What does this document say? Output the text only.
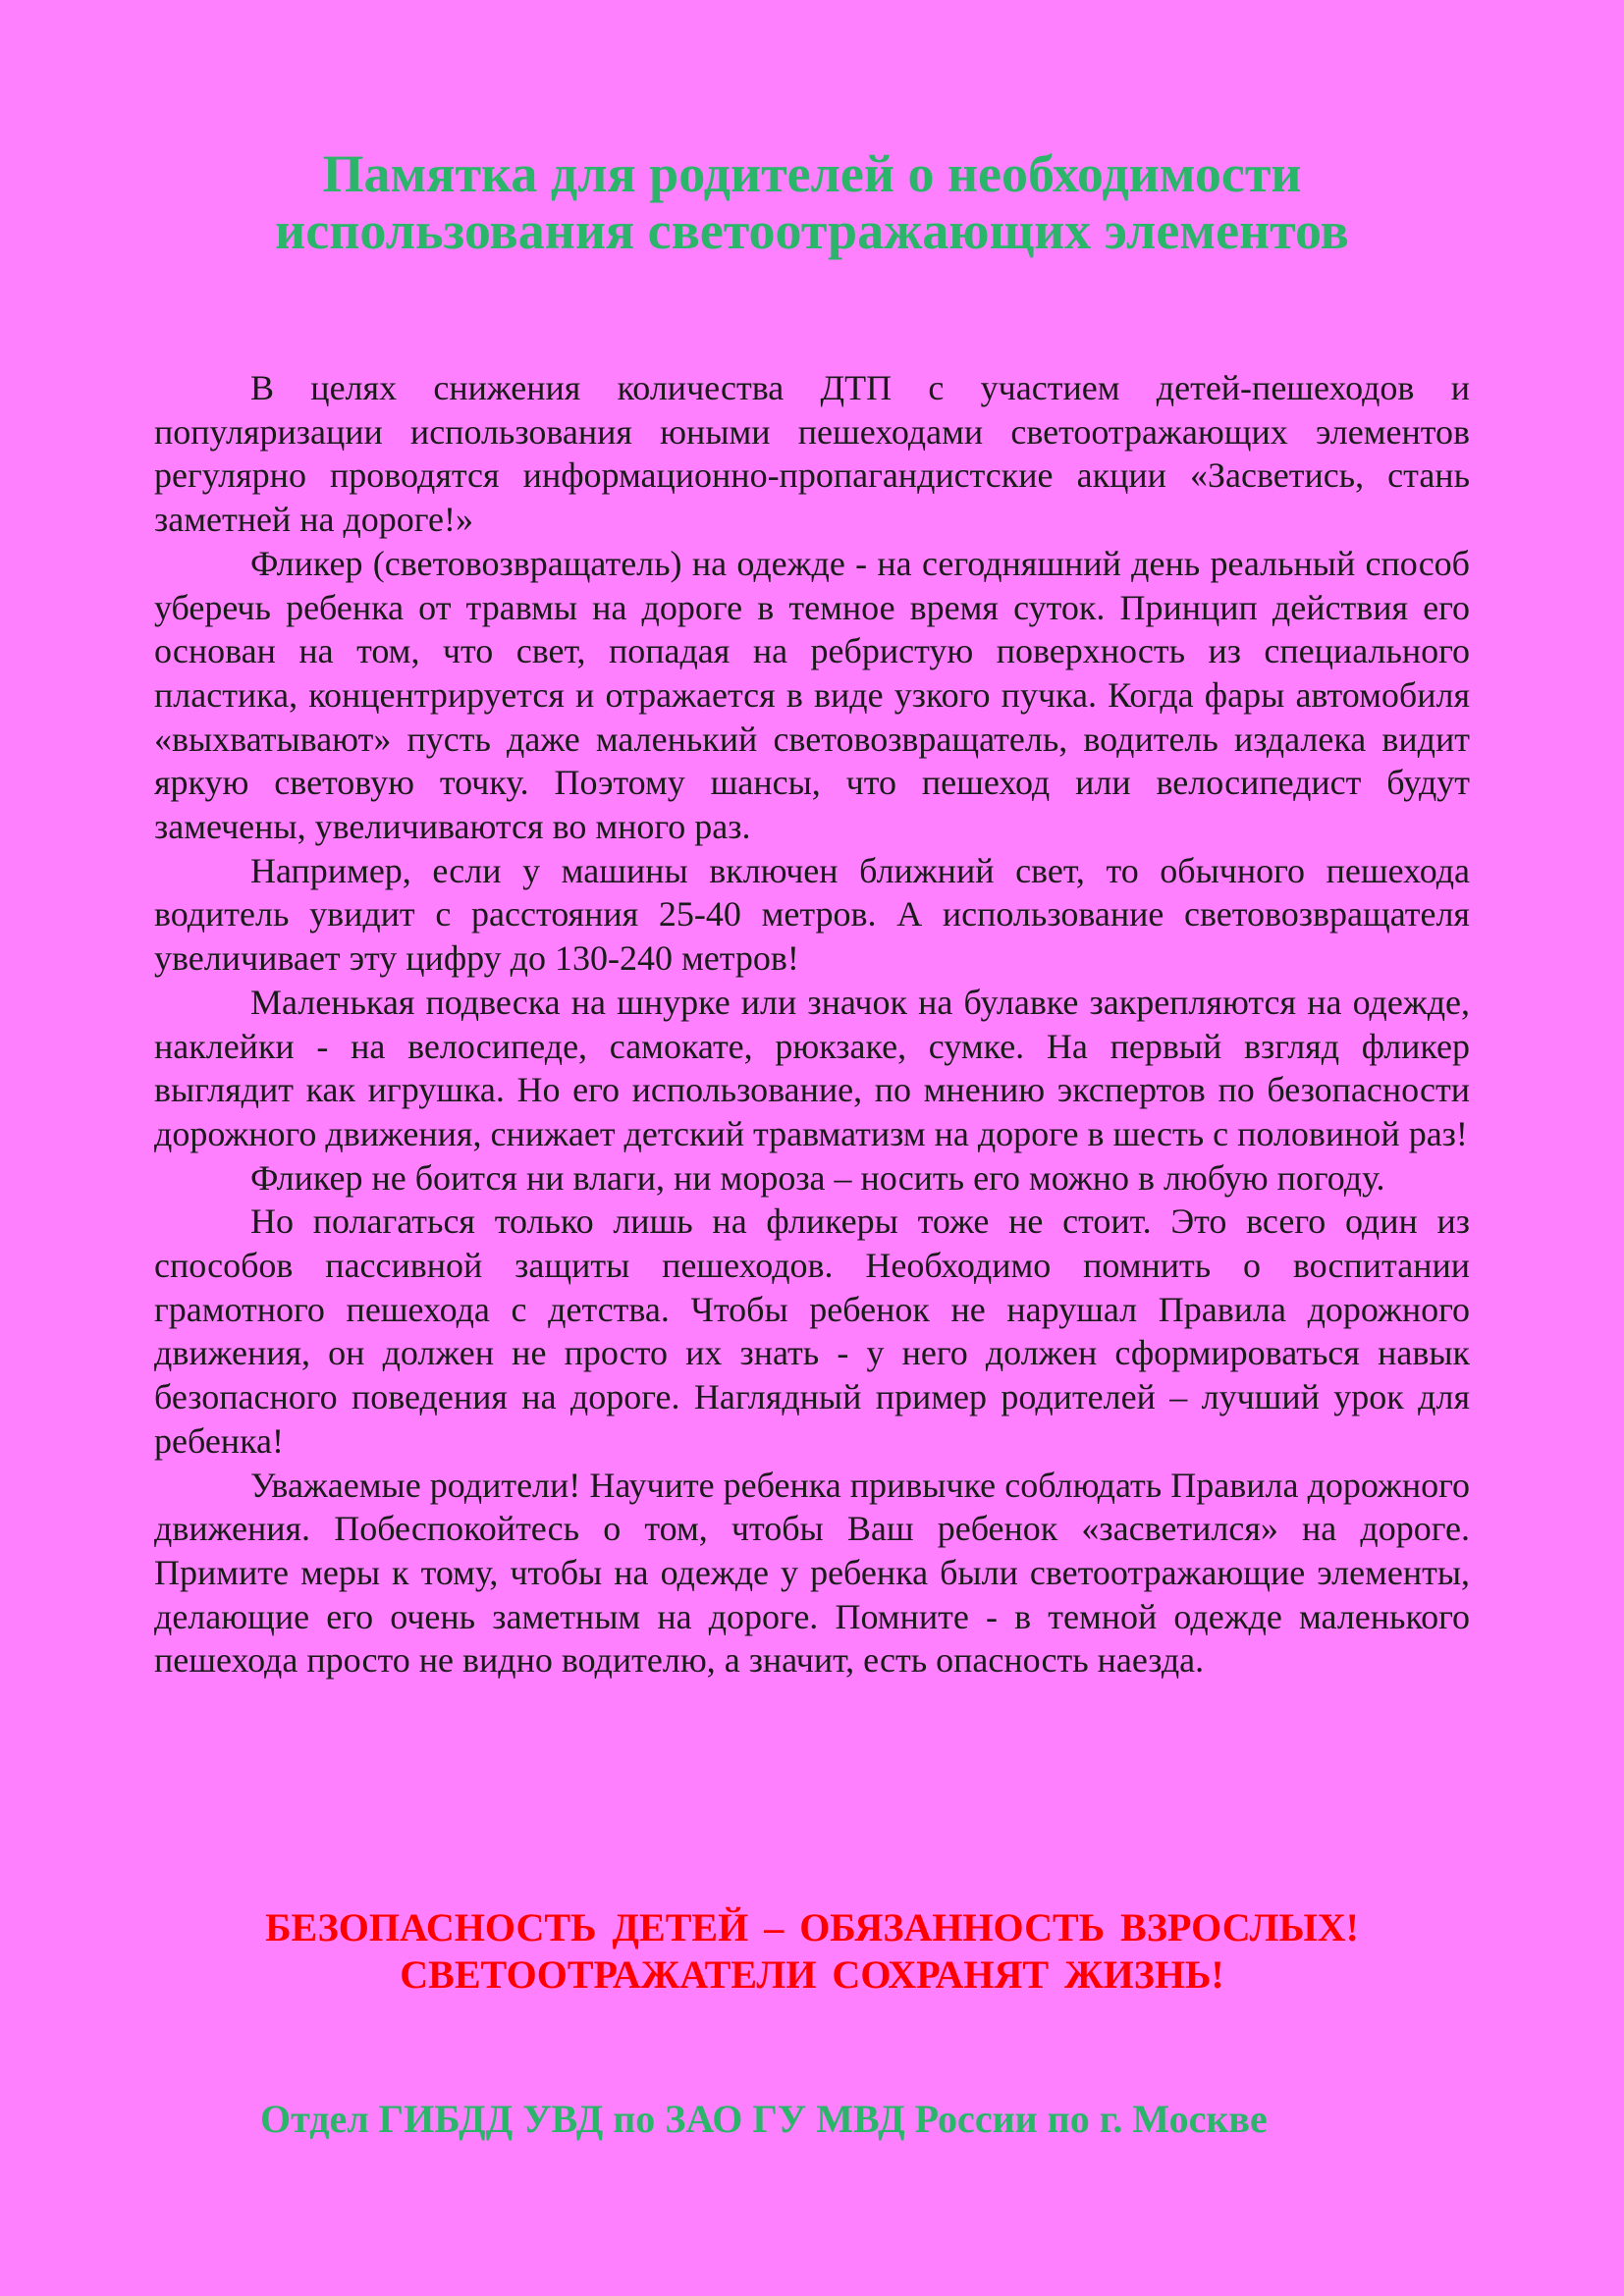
Памятка для родителей о необходимости использования светоотражающих элементов

В целях снижения количества ДТП с участием детей-пешеходов и популяризации использования юными пешеходами светоотражающих элементов регулярно проводятся информационно-пропагандистские акции «Засветись, стань заметней на дороге!»

Фликер (световозвращатель) на одежде - на сегодняшний день реальный способ уберечь ребенка от травмы на дороге в темное время суток. Принцип действия его основан на том, что свет, попадая на ребристую поверхность из специального пластика, концентрируется и отражается в виде узкого пучка. Когда фары автомобиля «выхватывают» пусть даже маленький световозвращатель, водитель издалека видит яркую световую точку. Поэтому шансы, что пешеход или велосипедист будут замечены, увеличиваются во много раз.

Например, если у машины включен ближний свет, то обычного пешехода водитель увидит с расстояния 25-40 метров. А использование световозвращателя увеличивает эту цифру до 130-240 метров!

Маленькая подвеска на шнурке или значок на булавке закрепляются на одежде, наклейки - на велосипеде, самокате, рюкзаке, сумке. На первый взгляд фликер выглядит как игрушка. Но его использование, по мнению экспертов по безопасности дорожного движения, снижает детский травматизм на дороге в шесть с половиной раз!

Фликер не боится ни влаги, ни мороза – носить его можно в любую погоду.

Но полагаться только лишь на фликеры тоже не стоит. Это всего один из способов пассивной защиты пешеходов. Необходимо помнить о воспитании грамотного пешехода с детства. Чтобы ребенок не нарушал Правила дорожного движения, он должен не просто их знать - у него должен сформироваться навык безопасного поведения на дороге. Наглядный пример родителей – лучший урок для ребенка!

Уважаемые родители! Научите ребенка привычке соблюдать Правила дорожного движения. Побеспокойтесь о том, чтобы Ваш ребенок «засветился» на дороге. Примите меры к тому, чтобы на одежде у ребенка были светоотражающие элементы, делающие его очень заметным на дороге. Помните - в темной одежде маленького пешехода просто не видно водителю, а значит, есть опасность наезда.

БЕЗОПАСНОСТЬ ДЕТЕЙ – ОБЯЗАННОСТЬ ВЗРОСЛЫХ!
СВЕТООТРАЖАТЕЛИ СОХРАНЯТ ЖИЗНЬ!
Отдел ГИБДД УВД по ЗАО ГУ МВД России по г. Москве
